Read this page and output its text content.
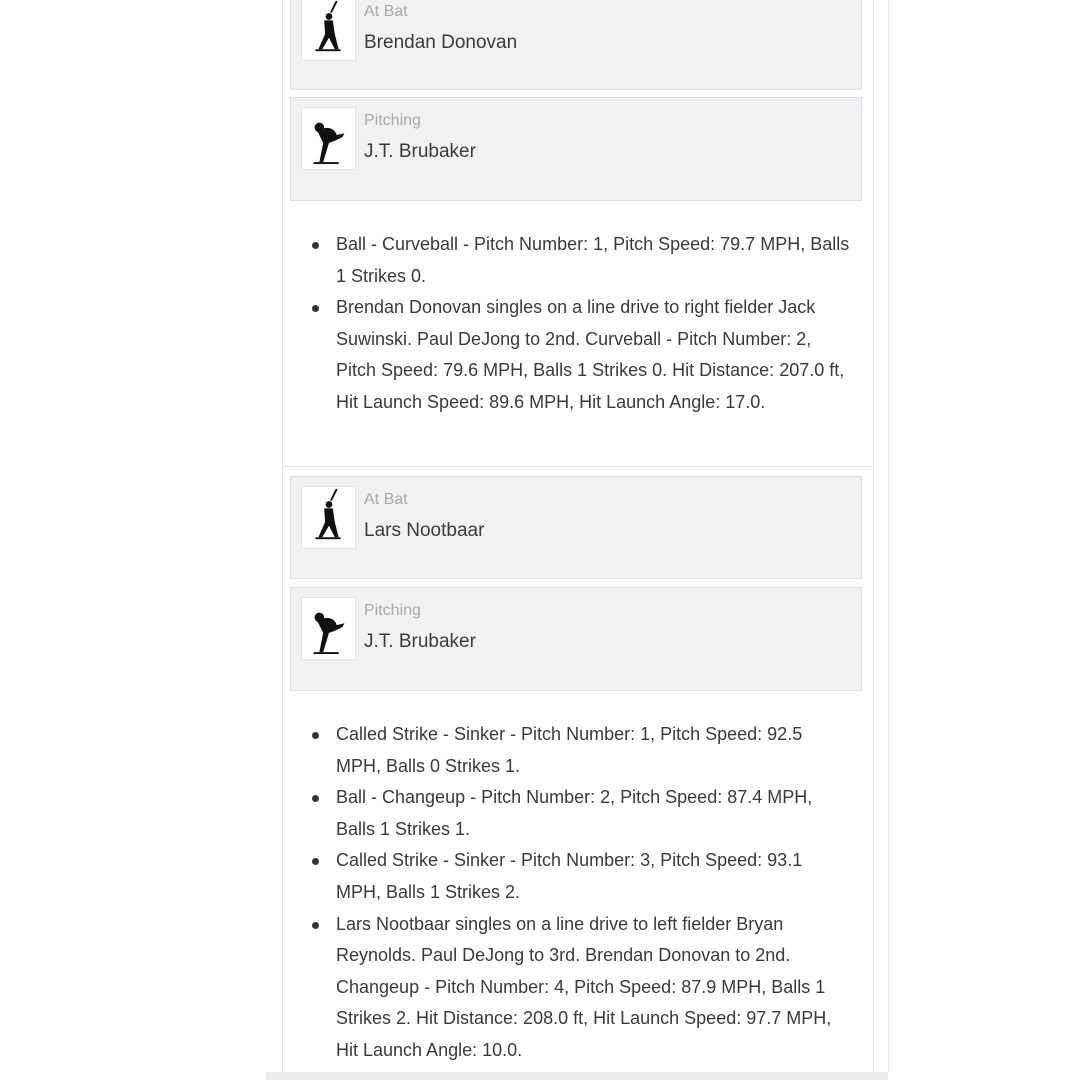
At Bat
Brendan Donovan
Pitching
J.T. Brubaker
Ball - Curveball - Pitch Number: 1, Pitch Speed: 79.7 MPH, Balls 1 Strikes 0.
Brendan Donovan singles on a line drive to right fielder Jack Suwinski. Paul DeJong to 2nd. Curveball - Pitch Number: 2, Pitch Speed: 79.6 MPH, Balls 1 Strikes 0. Hit Distance: 207.0 ft, Hit Launch Speed: 89.6 MPH, Hit Launch Angle: 17.0.
At Bat
Lars Nootbaar
Pitching
J.T. Brubaker
Called Strike - Sinker - Pitch Number: 1, Pitch Speed: 92.5 MPH, Balls 0 Strikes 1.
Ball - Changeup - Pitch Number: 2, Pitch Speed: 87.4 MPH, Balls 1 Strikes 1.
Called Strike - Sinker - Pitch Number: 3, Pitch Speed: 93.1 MPH, Balls 1 Strikes 2.
Lars Nootbaar singles on a line drive to left fielder Bryan Reynolds. Paul DeJong to 3rd. Brendan Donovan to 2nd. Changeup - Pitch Number: 4, Pitch Speed: 87.9 MPH, Balls 1 Strikes 2. Hit Distance: 208.0 ft, Hit Launch Speed: 97.7 MPH, Hit Launch Angle: 10.0.
